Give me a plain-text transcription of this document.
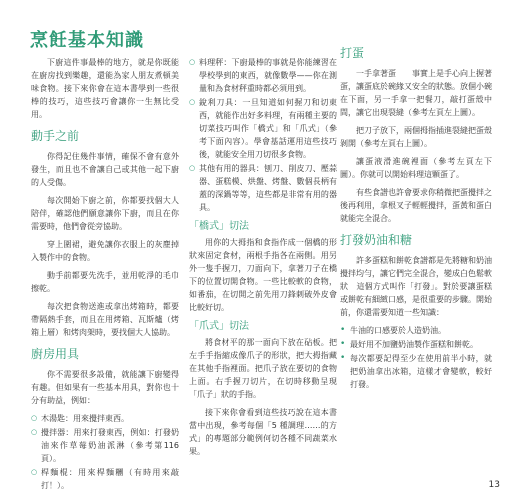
烹飪基本知識

下廚這件事最棒的地方，就是你既能在廚房找到樂趣，還能為家人朋友煮頓美味食物。接下來你會在這本書學到一些很棒的技巧，這些技巧會讓你一生無比受用。

動手之前

你得記住幾件事情，確保不會有意外發生，而且也不會讓自己或其他一起下廚的人受傷。

每次開始下廚之前，你都要找個大人陪伴，確認他們願意讓你下廚，而且在你需要時，他們會從旁協助。

穿上圍裙，避免讓你衣服上的灰塵掉入製作中的食物。

動手前都要先洗手，並用乾淨的毛巾擦乾。

每次把食物送進或拿出烤箱時，都要帶隔熱手套，而且在用烤箱、瓦斯爐（烤箱上層）和烤肉架時，要找個大人協助。

廚房用具

你不需要很多設備，就能讓下廚變得有趣。但如果有一些基本用具，對你也十分有助益，例如：

○ 木湯匙：用來攪拌東西。
○ 攪拌器：用來打發東西，例如：打發奶油來作草莓奶油派淋（參考第116頁）。
○ 桿麵棍：用來桿麵糰（有時用來敲打！）。
○ 料理秤：下廚最棒的事就是你能練習在學校學到的東西，就像數學——你在測量和為食材秤重時都必須用到。
○ 銳利刀具：一旦知道如何握刀和切東西，就能作出好多料理，有兩種主要的切菜技巧叫作「橋式」和「爪式」（參考下面內容）。學會基話運用這些技巧後，就能安全用刀切很多食物。
○ 其他有用的器具：刨刀、削皮刀、壓蒜器、蛋糕模、烘盤、烤盤、數個長柄有蓋的深鍋等等，這些都是非常有用的器具。
「橋式」切法

用你的大拇指和食指作成一個橋的形狀來固定食材，兩根手指各在兩側。用另外一隻手握刀，刀面向下，拿著刀子在橋下的位置切開食物。一些比較軟的食物，如番茄，在切開之前先用刀鋒刺破外皮會比較好切。

「爪式」切法

將食材平的那一面向下放在砧板。把左手手指縮成像爪子的形狀，把大拇指藏在其他手指裡面。把爪子放在要切的食物上面。右手握刀切片，在切時移動呈現「爪子」狀的手指。

接下來你會看到這些技巧說在這本書當中出現，參考每個「5 種調理……的方式」的專題部分範例何切各種不同蔬菜水果。

打蛋

一手拿著蛋　　事實上是手心向上握著蛋，讓蛋底於碗緣又安全的狀態。放個小碗在下面，另一手拿一把餐刀，敲打蛋殼中間，讓它出現裂縫（參考左頁左上圖）。

把刀子放下，兩個拇指插進裂縫把蛋殼剝開（參考左頁右上圖）。

讓蛋液滑進碗裡面（參考左頁左下圖）。你就可以開始料理這顆蛋了。

有些食譜也許會要求你稍微把蛋攪拌之後再利用，拿根叉子輕輕攪拌，蛋黃和蛋白就能完全混合。

打發奶油和糖

許多蛋糕和餅乾食譜都是先將糖和奶油攪拌均勻，讓它們完全混合，變成白色鬆軟狀　這個方式叫作「打發」。對於要讓蛋糕或餅乾有細緻口感，是很重要的步驟。開始前，你還需要知道一些知識：

• 牛油的口感要於人造奶油。
• 最好用不加鹽奶油製作蛋糕和餅乾。
• 每次都要記得至少在使用前半小時，就把奶油拿出冰箱，這樣才會變軟，較好打發。
13
